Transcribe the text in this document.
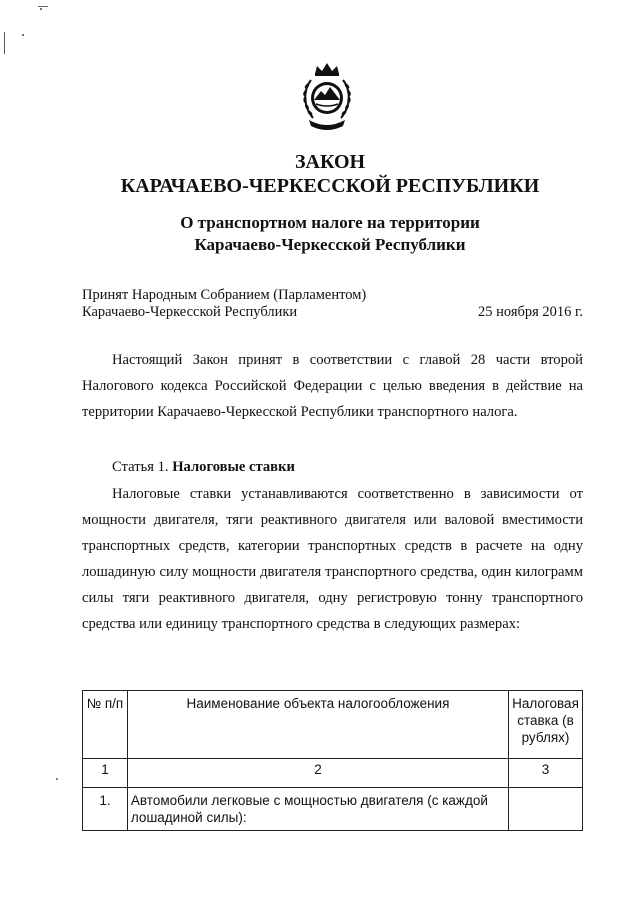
ЗАКОН
КАРАЧАЕВО-ЧЕРКЕССКОЙ РЕСПУБЛИКИ
О транспортном налоге на территории
Карачаево-Черкесской Республики
Принят Народным Собранием (Парламентом)
Карачаево-Черкесской Республики	25 ноября 2016 г.

Настоящий Закон принят в соответствии с главой 28 части второй Налогового кодекса Российской Федерации с целью введения в действие на территории Карачаево-Черкесской Республики транспортного налога.

Статья 1. Налоговые ставки

Налоговые ставки устанавливаются соответственно в зависимости от мощности двигателя, тяги реактивного двигателя или валовой вместимости транспортных средств, категории транспортных средств в расчете на одну лошадиную силу мощности двигателя транспортного средства, один килограмм силы тяги реактивного двигателя, одну регистровую тонну транспортного средства или единицу транспортного средства в следующих размерах:

№ п/п	Наименование объекта налогообложения	Налоговая ставка (в рублях)
1	2	3
1.	Автомобили легковые с мощностью двигателя (с каждой лошадиной силы):	
